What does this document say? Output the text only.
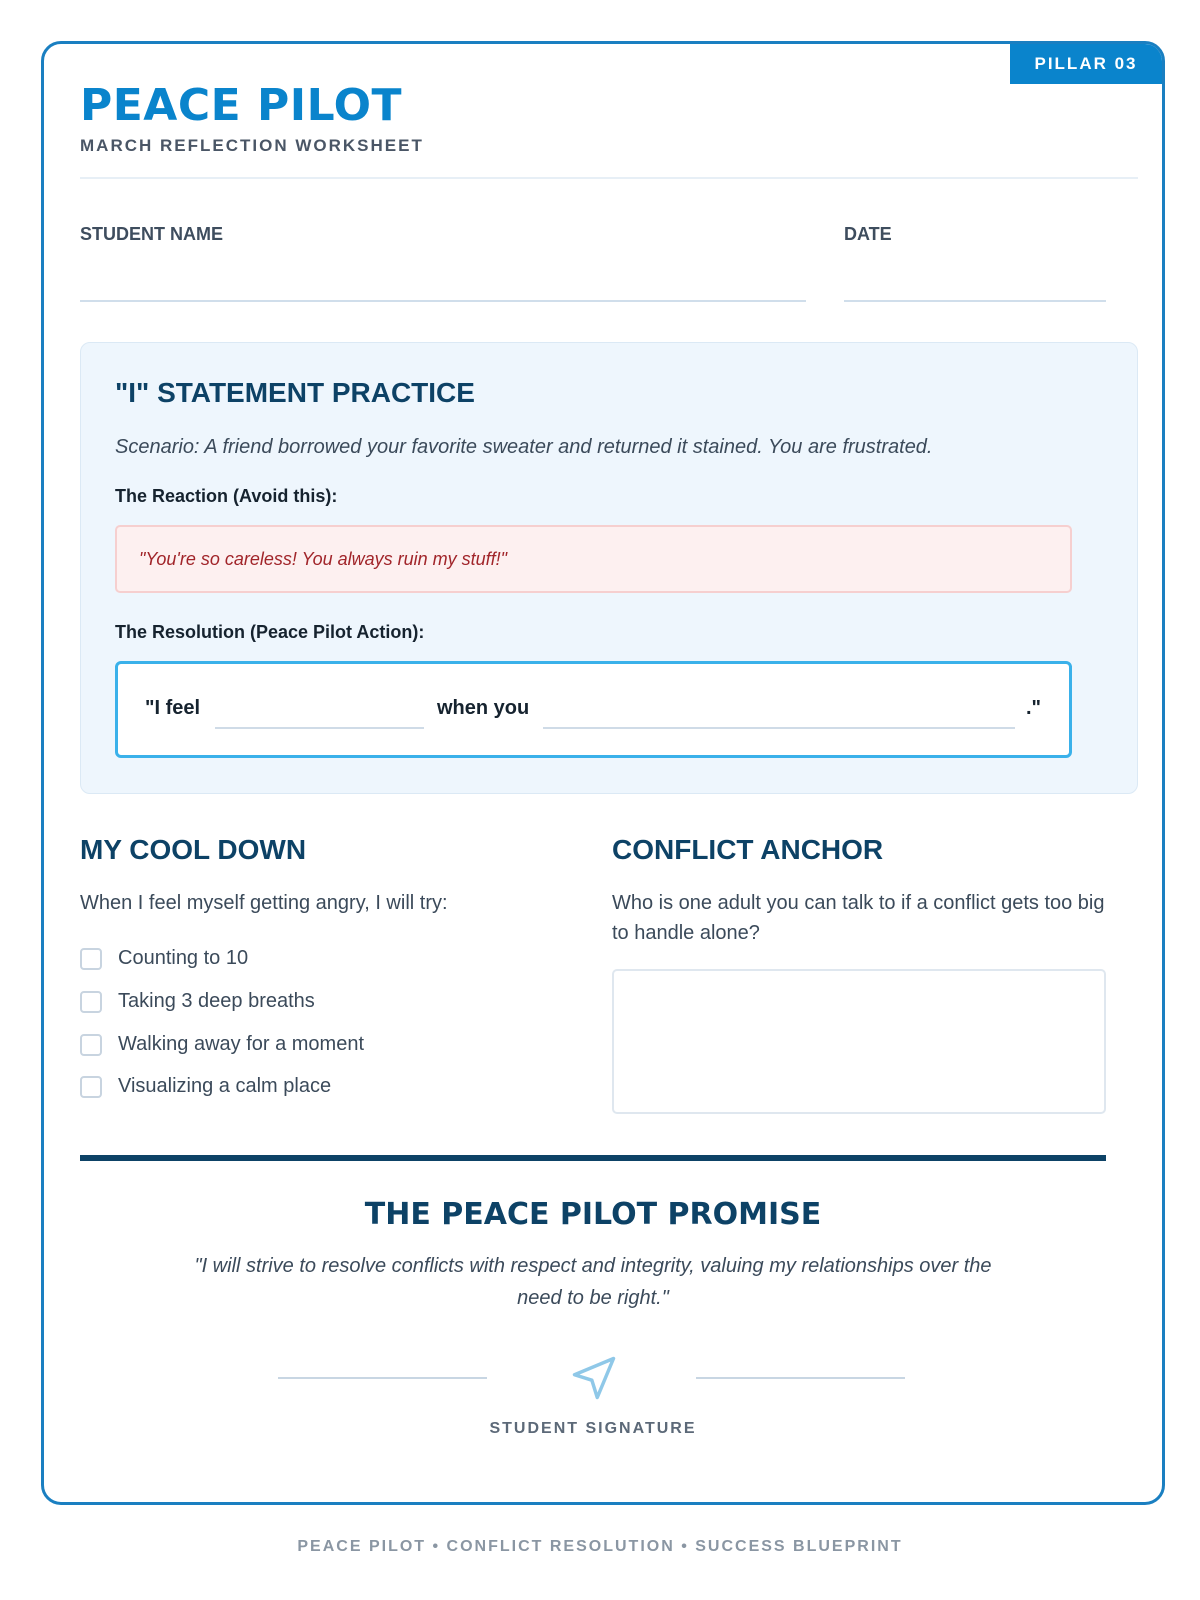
PILLAR 03
PEACE PILOT
MARCH REFLECTION WORKSHEET
STUDENT NAME	DATE
"I" STATEMENT PRACTICE
Scenario: A friend borrowed your favorite sweater and returned it stained. You are frustrated.
The Reaction (Avoid this):
"You're so careless! You always ruin my stuff!"
The Resolution (Peace Pilot Action):
"I feel	when you	."
MY COOL DOWN
When I feel myself getting angry, I will try:
Counting to 10
Taking 3 deep breaths
Walking away for a moment
Visualizing a calm place
CONFLICT ANCHOR
Who is one adult you can talk to if a conflict gets too big to handle alone?
THE PEACE PILOT PROMISE
"I will strive to resolve conflicts with respect and integrity, valuing my relationships over the need to be right."
STUDENT SIGNATURE
PEACE PILOT • CONFLICT RESOLUTION • SUCCESS BLUEPRINT
